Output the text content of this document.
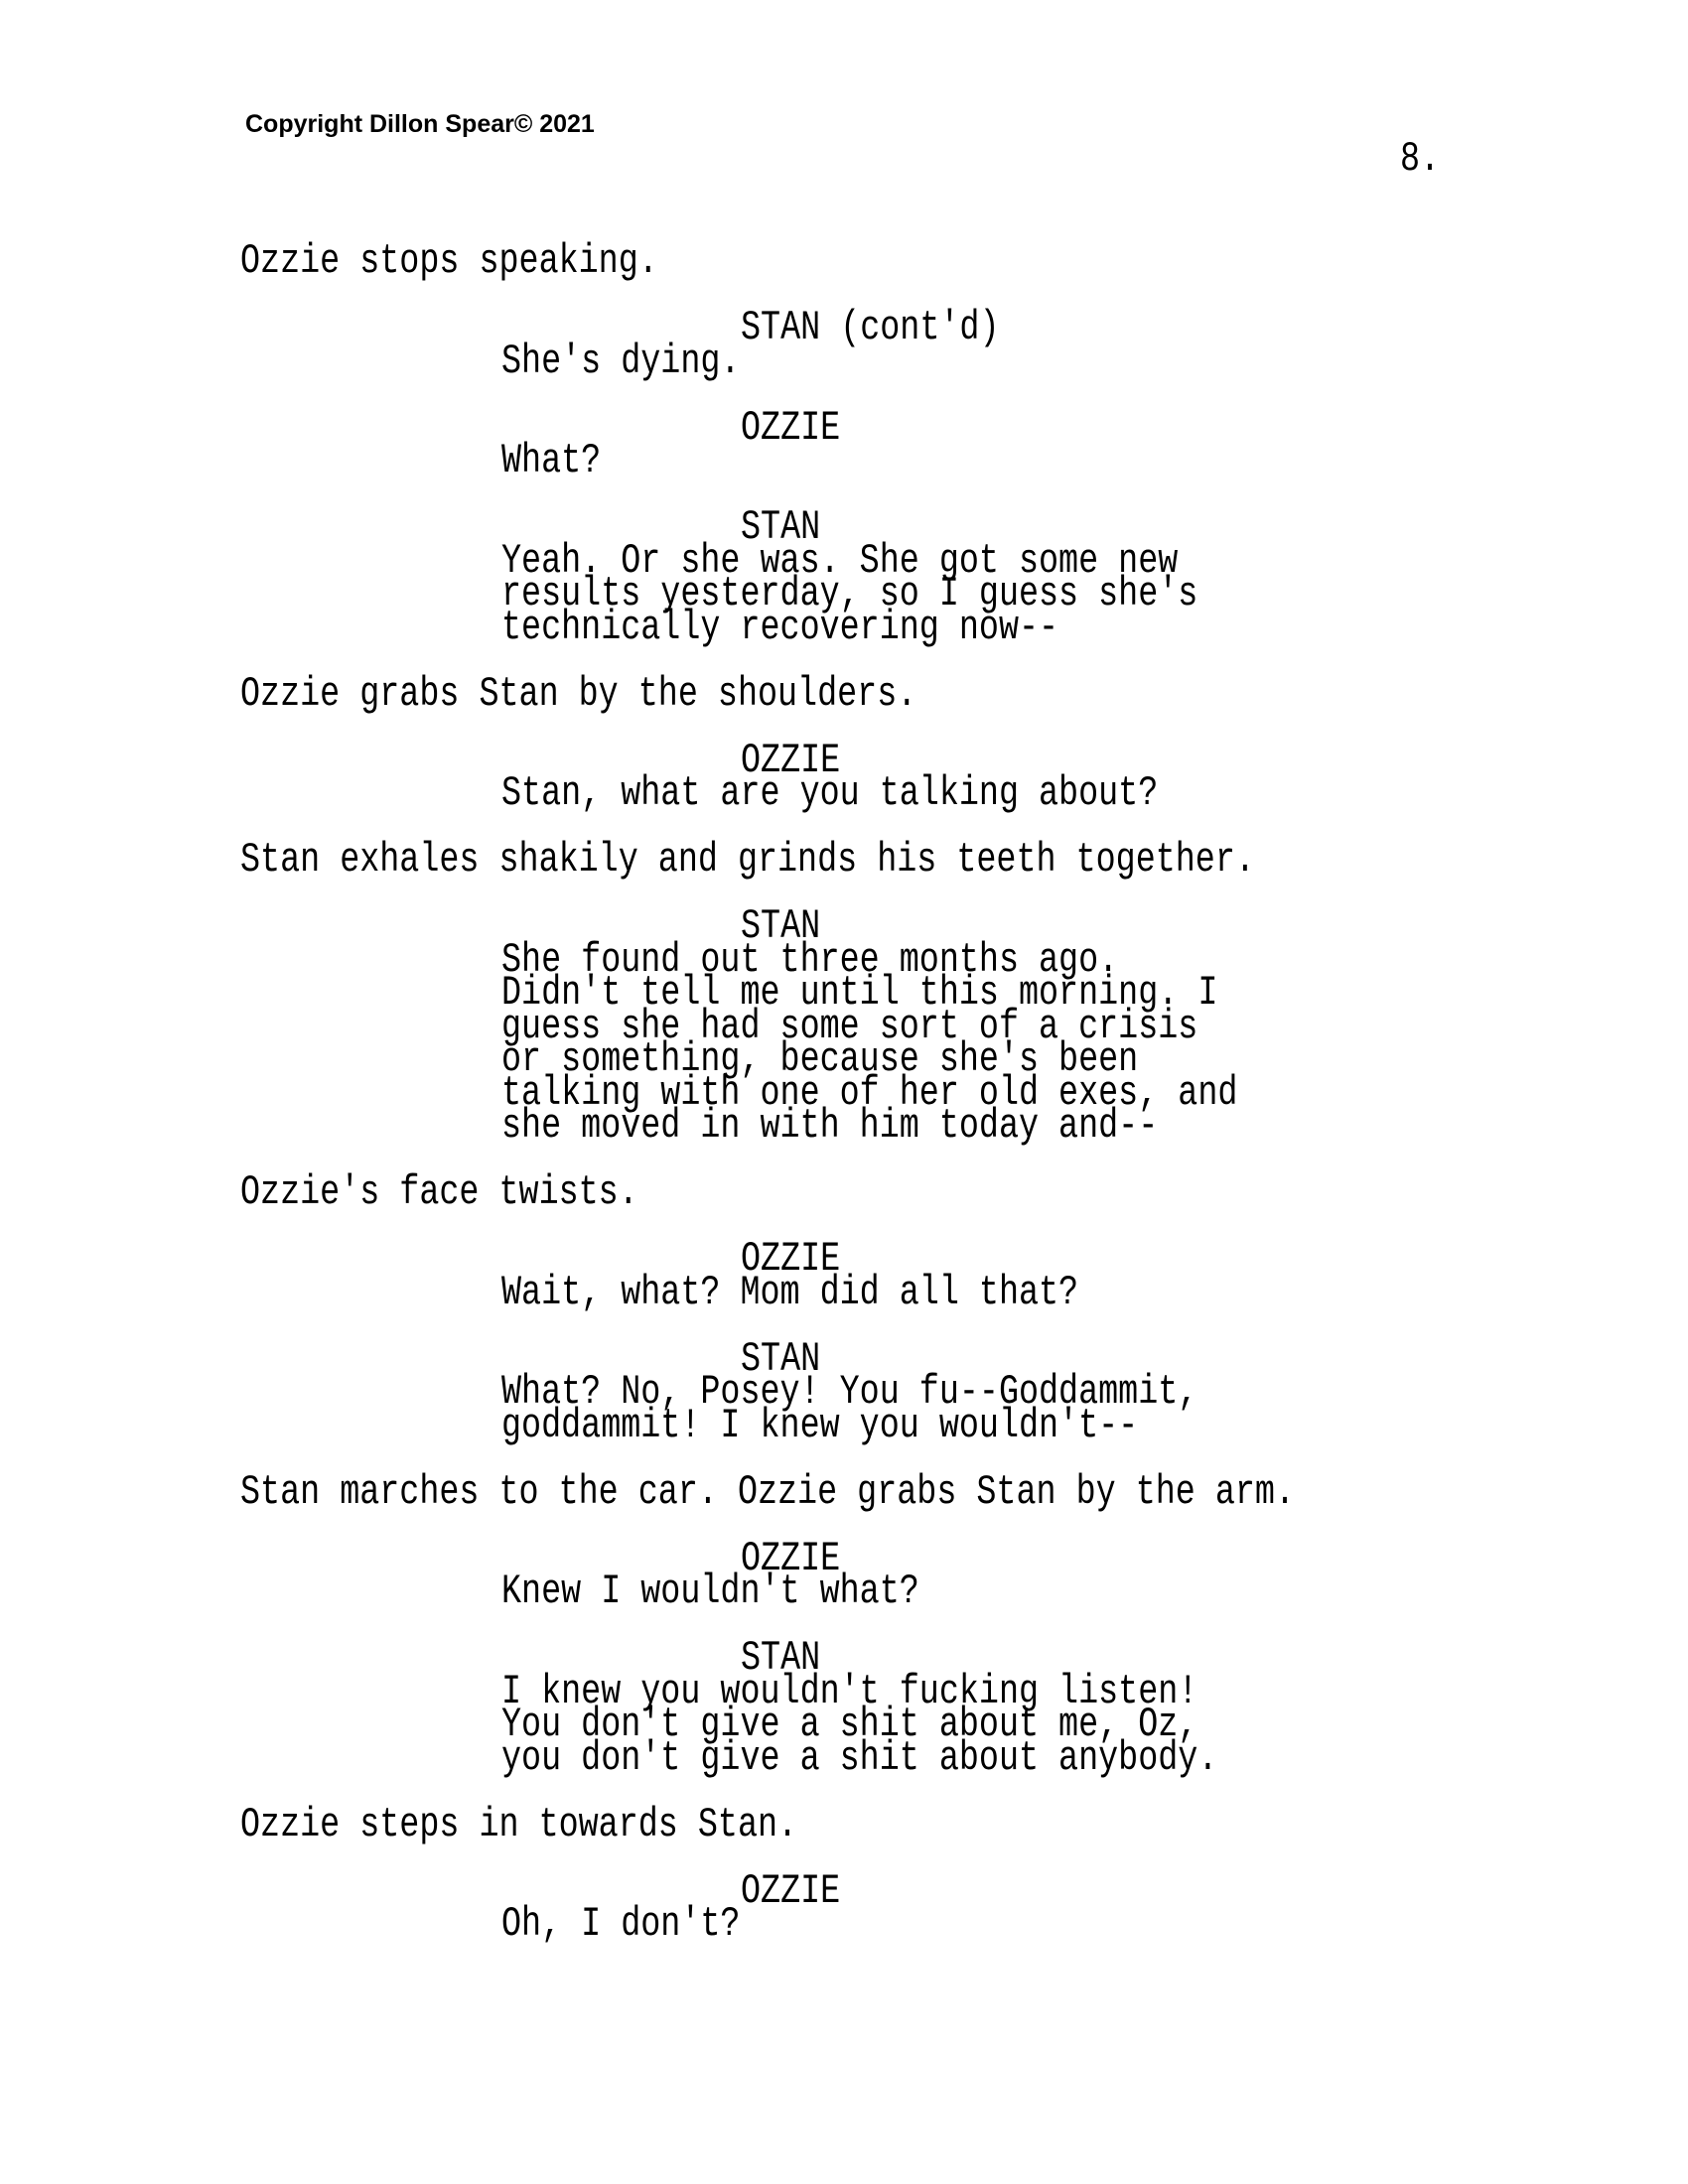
Copyright Dillon Spear© 2021
8.
Ozzie stops speaking.
STAN (cont'd)
She's dying.
OZZIE
What?
STAN
Yeah. Or she was. She got some new
results yesterday, so I guess she's
technically recovering now--
Ozzie grabs Stan by the shoulders.
OZZIE
Stan, what are you talking about?
Stan exhales shakily and grinds his teeth together.
STAN
She found out three months ago.
Didn't tell me until this morning. I
guess she had some sort of a crisis
or something, because she's been
talking with one of her old exes, and
she moved in with him today and--
Ozzie's face twists.
OZZIE
Wait, what? Mom did all that?
STAN
What? No, Posey! You fu--Goddammit,
goddammit! I knew you wouldn't--
Stan marches to the car. Ozzie grabs Stan by the arm.
OZZIE
Knew I wouldn't what?
STAN
I knew you wouldn't fucking listen!
You don't give a shit about me, Oz,
you don't give a shit about anybody.
Ozzie steps in towards Stan.
OZZIE
Oh, I don't?
